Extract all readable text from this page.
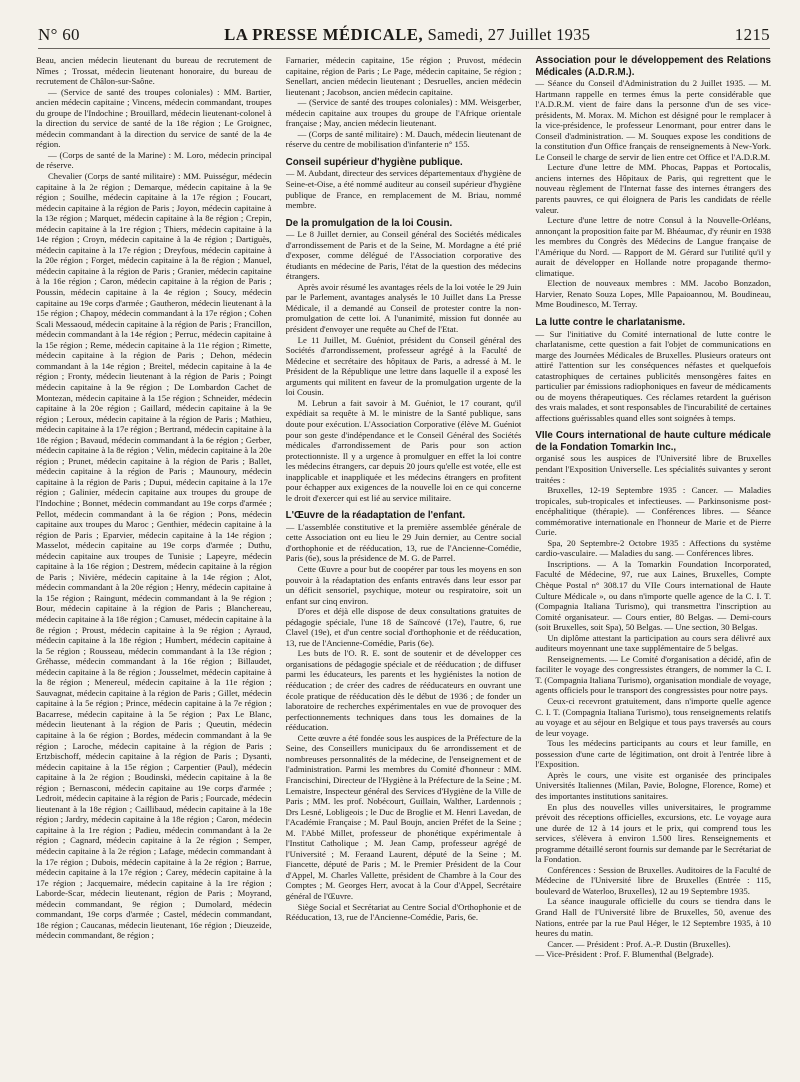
N° 60	LA PRESSE MÉDICALE, Samedi, 27 Juillet 1935	1215

Beau, ancien médecin lieutenant du bureau de recrutement de Nîmes ; Trossat, médecin lieutenant honoraire, du bureau de recrutement de Châlon-sur-Saône.

— (Service de santé des troupes coloniales) : MM. Bartier, ancien médecin capitaine ; Vincens, médecin commandant, troupes du groupe de l'Indochine ; Brouillard, médecin lieutenant-colonel à la direction du service de santé de la 18e région ; Le Groignec, médecin commandant à la direction du service de santé de la 4e région.

— (Corps de santé de la Marine) : M. Loro, médecin principal de réserve.

Chevalier (Corps de santé militaire) : MM. Puisségur, médecin capitaine à la 2e région ; Demarque, médecin capitaine à la 9e région ; Souilhe, médecin capitaine à la 17e région ; Foucart, médecin capitaine à la région de Paris ; Joyon, médecin capitaine à la 13e région ; Marquet, médecin capitaine à la 8e région ; Crepin, médecin capitaine à la 1re région ; Thiers, médecin capitaine à la 14e région ; Croyn, médecin capitaine à la 4e région ; Dartiguès, médecin capitaine à la 17e région ; Dreyfous, médecin capitaine à la 20e région ; Forget, médecin capitaine à la 8e région ; Manuel, médecin capitaine à la région de Paris ; Granier, médecin capitaine à la 16e région ; Caron, médecin capitaine à la région de Paris ; Poussin, médecin capitaine à la 4e région ; Soucy, médecin capitaine au 19e corps d'armée ; Gautheron, médecin lieutenant à la 15e région ; Chapoy, médecin commandant à la 17e région ; Cohen Scali Messaoud, médecin capitaine à la région de Paris ; Francillon, médecin commandant à la 14e région ; Perruc, médecin capitaine à la 15e région ; Reme, médecin capitaine à la 11e région ; Rimette, médecin capitaine à la région de Paris ; Dehon, médecin commandant à la 14e région ; Breitel, médecin capitaine à la 4e région ; Fronty, médecin lieutenant à la région de Paris ; Poingt médecin capitaine à la 9e région ; De Lombardon Cachet de Montezan, médecin capitaine à la 15e région ; Schneider, médecin capitaine à la 20e région ; Gaillard, médecin capitaine à la 9e région ; Leroux, médecin capitaine à la région de Paris ; Mathieu, médecin capitaine à la 17e région ; Bertrand, médecin capitaine à la 18e région ; Bavaud, médecin commandant à la 6e région ; Gerber, médecin capitaine à la 8e région ; Velin, médecin capitaine à la 20e région ; Prunet, médecin capitaine à la région de Paris ; Ballet, médecin capitaine à la région de Paris ; Maunoury, médecin capitaine à la région de Paris ; Dupui, médecin capitaine à la 17e région ; Galinier, médecin capitaine aux troupes du groupe de l'Indochine ; Bonnet, médecin commandant au 19e corps d'armée ; Pellot, médecin commandant à la 6e région ; Pons, médecin capitaine aux troupes du Maroc ; Genthier, médecin capitaine à la région de Paris ; Eparvier, médecin capitaine à la 14e région ; Masselot, médecin capitaine au 19e corps d'armée ; Duthu, médecin capitaine aux troupes de Tunisie ; Lapeyre, médecin capitaine à la 16e région ; Destrem, médecin capitaine à la région de Paris ; Nivière, médecin capitaine à la 14e région ; Alot, médecin commandant à la 20e région ; Henry, médecin capitaine à la 15e région ; Raingunt, médecin commandant à la 9e région ; Bour, médecin capitaine à la région de Paris ; Blanchereau, médecin capitaine à la 18e région ; Camuset, médecin capitaine à la 8e région ; Proust, médecin capitaine à la 9e région ; Ayraud, médecin capitaine à la 18e région ; Humbert, médecin capitaine à la 5e région ; Rousseau, médecin commandant à la 13e région ; Gréhasse, médecin commandant à la 16e région ; Billaudet, médecin capitaine à la 8e région ; Jousselmet, médecin capitaine à la 8e région ; Menereul, médecin capitaine à la 11e région ; Sauvagnat, médecin capitaine à la région de Paris ; Gillet, médecin capitaine à la 5e région ; Prince, médecin capitaine à la 7e région ; Bacarrese, médecin capitaine à la 5e région ; Pax Le Blanc, médecin lieutenant à la région de Paris ; Queutin, médecin capitaine à la 6e région ; Bordes, médecin commandant à la 9e région ; Laroche, médecin capitaine à la région de Paris ; Ertzbischoff, médecin capitaine à la région de Paris ; Dysanti, médecin capitaine à la 15e région ; Carpentier (Paul), médecin capitaine à la 2e région ; Boudinski, médecin capitaine à la 8e région ; Bernasconi, médecin capitaine au 19e corps d'armée ; Ledroit, médecin capitaine à la région de Paris ; Fourcade, médecin lieutenant à la 18e région ; Caillibaud, médecin capitaine à la 18e région ; Jardry, médecin capitaine à la 18e région ; Caron, médecin capitaine à la 1re région ; Padieu, médecin commandant à la 2e région ; Cagnard, médecin capitaine à la 2e région ; Semper, médecin capitaine à la 2e région ; Lafage, médecin commandant à la 17e région ; Dubois, médecin capitaine à la 2e région ; Barrue, médecin capitaine à la 17e région ; Carey, médecin capitaine à la 17e région ; Jacquemaire, médecin capitaine à la 1re région ; Laborde-Scar, médecin lieutenant, région de Paris ; Moyrand, médecin commandant, 9e région ; Dumolard, médecin commandant, 19e corps d'armée ; Castel, médecin commandant, 18e région ; Caucanas, médecin lieutenant, 16e région ; Dieuzeide, médecin commandant, 8e région ;

Farnarier, médecin capitaine, 15e région ; Pruvost, médecin capitaine, région de Paris ; Le Page, médecin capitaine, 5e région ; Senellart, ancien médecin lieutenant ; Desruelles, ancien médecin lieutenant ; Jacobson, ancien médecin capitaine.

— (Service de santé des troupes coloniales) : MM. Weisgerber, médecin capitaine aux troupes du groupe de l'Afrique orientale française ; May, ancien médecin lieutenant.

— (Corps de santé militaire) : M. Dauch, médecin lieutenant de réserve du centre de mobilisation d'infanterie n° 155.

Conseil supérieur d'hygiène publique.

— M. Aubdant, directeur des services départementaux d'hygiène de Seine-et-Oise, a été nommé auditeur au conseil supérieur d'hygiène publique de France, en remplacement de M. Briau, nommé membre.

De la promulgation de la loi Cousin.

— Le 8 Juillet dernier, au Conseil général des Sociétés médicales d'arrondissement de Paris et de la Seine, M. Mordagne a été prié d'exposer, comme délégué de l'Association corporative des étudiants en médecine de Paris, l'état de la question des médecins étrangers.

Après avoir résumé les avantages réels de la loi votée le 29 Juin par le Parlement, avantages analysés le 10 Juillet dans La Presse Médicale, il a demandé au Conseil de protester contre la non-promulgation de cette loi. A l'unanimité, mission fut donnée au président d'envoyer une requête au Chef de l'Etat.

Le 11 Juillet, M. Guéniot, président du Conseil général des Sociétés d'arrondissement, professeur agrégé à la Faculté de Médecine et secrétaire des hôpitaux de Paris, a adressé à M. le Président de la République une lettre dans laquelle il a exposé les arguments qui militent en faveur de la promulgation urgente de la loi Cousin.

M. Lebrun a fait savoir à M. Guéniot, le 17 courant, qu'il expédiait sa requête à M. le ministre de la Santé publique, sans doute pour exécution. L'Association Corporative (élève M. Guéniot pour son geste d'indépendance et le Conseil Général des Sociétés médicales d'arrondissement de Paris pour son action protectionniste. Il y a urgence à promulguer en effet la loi contre les médecins étrangers, car depuis 20 jours qu'elle est votée, elle est inapplicable et inappliquée et les médecins étrangers en profitent pour échapper aux exigences de la nouvelle loi en ce qui concerne le droit d'exercer qui est lié au service militaire.

L'Œuvre de la réadaptation de l'enfant.

— L'assemblée constitutive et la première assemblée générale de cette Association ont eu lieu le 29 Juin dernier, au Centre social d'orthophonie et de rééducation, 13, rue de l'Ancienne-Comédie, Paris (6e), sous la présidence de M. G. de Parrel.

Cette Œuvre a pour but de coopérer par tous les moyens en son pouvoir à la réadaptation des enfants entravés dans leur essor par un déficit sensoriel, psychique, moteur ou respiratoire, soit un enfant sur cinq environ.

D'ores et déjà elle dispose de deux consultations gratuites de pédagogie spéciale, l'une 18 de Saïncové (17e), l'autre, 6, rue Clavel (19e), et d'un centre social d'orthophonie et de rééducation, 13, rue de l'Ancienne-Comédie, Paris (6e).

Les buts de l'O. R. E. sont de soutenir et de développer ces organisations de pédagogie spéciale et de rééducation ; de diffuser parmi les éducateurs, les parents et les hygiénistes la notion de rééducation ; de créer des cadres de rééducateurs en ouvrant une école pratique de rééducation dès le début de 1936 ; de fonder un laboratoire de recherches expérimentales en vue de provoquer des perfectionnements techniques dans tous les domaines de la rééducation.

Cette œuvre a été fondée sous les auspices de la Préfecture de la Seine, des Conseillers municipaux du 6e arrondissement et de nombreuses personnalités de la médecine, de l'enseignement et de l'administration. Parmi les membres du Comité d'honneur : MM. Francischini, Directeur de l'Hygiène à la Préfecture de la Seine ; M. Lemaistre, Inspecteur général des Services d'Hygiène de la Ville de Paris ; MM. les prof. Nobécourt, Guillain, Walther, Lardennois ; Drs Lesné, Lobligeois ; le Duc de Broglie et M. Henri Lavedan, de l'Académie Française ; M. Paul Boujn, ancien Préfet de la Seine ; M. l'Abbé Millet, professeur de phonétique expérimentale à l'Institut Catholique ; M. Jean Camp, professeur agrégé de l'Université ; M. Feraand Laurent, député de la Seine ; M. Fiancette, député de Paris ; M. le Premier Président de la Cour d'Appel, M. Charles Vallette, président de Chambre à la Cour des Comptes ; M. Georges Herr, avocat à la Cour d'Appel, Secrétaire général de l'Œuvre.

Siège Social et Secrétariat au Centre Social d'Orthophonie et de Rééducation, 13, rue de l'Ancienne-Comédie, Paris, 6e.

Association pour le développement des Relations Médicales (A.D.R.M.).

— Séance du Conseil d'Administration du 2 Juillet 1935. — M. Hartmann rappelle en termes émus la perte considérable que l'A.D.R.M. vient de faire dans la personne d'un de ses vice-présidents, M. Morax. M. Michon est désigné pour le remplacer à la vice-présidence, le professeur Lenormant, pour entrer dans le Conseil d'administration. — M. Souques expose les conditions de la constitution d'un Office français de renseignements à New-York. Le Conseil le charge de servir de lien entre cet Office et l'A.D.R.M.

Lecture d'une lettre de MM. Phocas, Pappas et Portocalis, anciens internes des Hôpitaux de Paris, qui regrettent que le nouveau règlement de l'Internat fasse des internes étrangers des parents pauvres, ce qui éloignera de Paris les candidats de réelle valeur.

Lecture d'une lettre de notre Consul à la Nouvelle-Orléans, annonçant la proposition faite par M. Bhéaumac, d'y réunir en 1938 les membres du Congrès des Médecins de Langue française de l'Amérique du Nord. — Rapport de M. Gérard sur l'utilité qu'il y aurait de développer en Hollande notre propagande thermo-climatique.

Election de nouveaux membres : MM. Jacobo Bonzadon, Harvier, Renato Souza Lopes, Mlle Papaioannou, M. Boudineau, Mme Boudinesco, M. Terray.

La lutte contre le charlatanisme.

— Sur l'initiative du Comité international de lutte contre le charlatanisme, cette question a fait l'objet de communications en marge des Journées Médicales de Bruxelles. Plusieurs orateurs ont attiré l'attention sur les conséquences néfastes et quelquefois catastrophiques de certaines publicités mensongères faites en particulier par émissions radiophoniques en faveur de médicaments ou de moyens thérapeutiques. Ces réclames retardent la guérison des vrais malades, et sont responsables de l'incurabilité de certaines affections guérissables quand elles sont soignées à temps.

VIIe Cours international de haute culture médicale de la Fondation Tomarkin Inc.,

organisé sous les auspices de l'Université libre de Bruxelles pendant l'Exposition Universelle. Les spécialités suivantes y seront traitées :

Bruxelles, 12-19 Septembre 1935 : Cancer. — Maladies tropicales, sub-tropicales et infectieuses. — Parkinsonisme post-encéphalitique (thérapie). — Conférences libres. — Séance commémorative internationale en l'honneur de Marie et de Pierre Curie.

Spa, 20 Septembre-2 Octobre 1935 : Affections du système cardio-vasculaire. — Maladies du sang. — Conférences libres.

Inscriptions. — A la Tomarkin Foundation Incorporated, Faculté de Médecine, 97, rue aux Laines, Bruxelles, Compte Chèque Postal n° 308.17 du VIIe Cours international de Haute Culture Médicale », ou dans n'importe quelle agence de la C. I. T. (Compagnia Italiana Turismo), qui transmettra l'inscription au Comité organisateur. — Cours entier, 80 Belgas. — Demi-cours (soit Bruxelles, soit Spa), 50 Belgas. — Une section, 30 Belgas.

Un diplôme attestant la participation au cours sera délivré aux auditeurs moyennant une taxe supplémentaire de 5 belgas.

Renseignements. — Le Comité d'organisation a décidé, afin de faciliter le voyage des congressistes étrangers, de nommer la C. I. T. (Compagnia Italiana Turismo), organisation mondiale de voyage, agents officiels pour le transport des congressistes pour notre pays.

Ceux-ci recevront gratuitement, dans n'importe quelle agence C. I. T. (Compagnia Italiana Turismo), tous renseignements relatifs au voyage et au séjour en Belgique et tous pays traversés au cours de leur voyage.

Tous les médecins participants au cours et leur famille, en possession d'une carte de légitimation, ont droit à l'entrée libre à l'Exposition.

Après le cours, une visite est organisée des principales Universités Italiennes (Milan, Pavie, Bologne, Florence, Rome) et des importantes institutions sanitaires.

En plus des nouvelles villes universitaires, le programme prévoit des réceptions officielles, excursions, etc. Le voyage aura une durée de 12 à 14 jours et le prix, qui comprend tous les services, s'élèvera à environ 1.500 lires. Renseignements et programme détaillé seront fournis sur demande par le Secrétariat de la Fondation.

Conférences : Session de Bruxelles. Auditoires de la Faculté de Médecine de l'Université libre de Bruxelles (Entrée : 115, boulevard de Waterloo, Bruxelles), 12 au 19 Septembre 1935.

La séance inaugurale officielle du cours se tiendra dans le Grand Hall de l'Université libre de Bruxelles, 50, avenue des Nations, entrée par la rue Paul Héger, le 12 Septembre 1935, à 10 heures du matin.

Cancer. — Président : Prof. A.-P. Dustin (Bruxelles).

— Vice-Président : Prof. F. Blumenthal (Belgrade).
